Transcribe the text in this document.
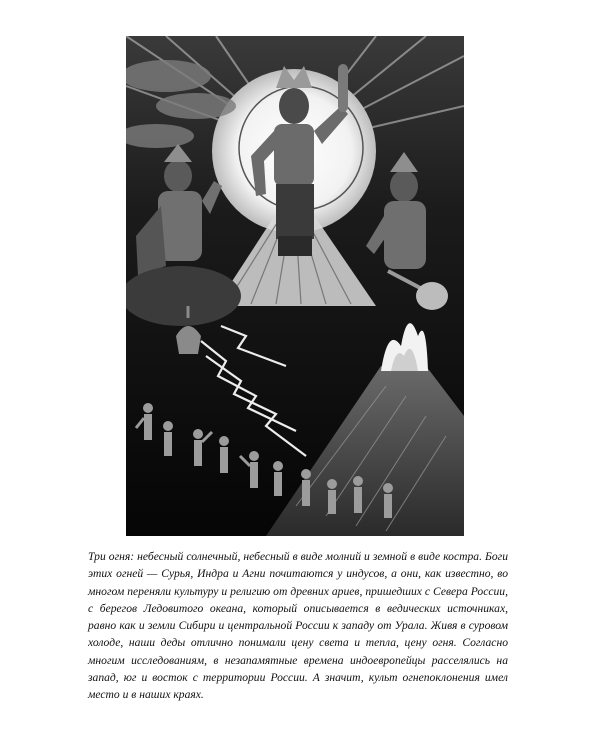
Три огня: небесный солнечный, небесный в виде молний и земной в виде костра. Боги этих огней — Сурья, Индра и Агни почитаются у индусов, а они, как известно, во многом переняли культуру и религию от древних ариев, пришедших с Севера России, с берегов Ледовитого океана, который описывается в ведических источниках, равно как и земли Сибири и центральной России к западу от Урала. Живя в суровом холоде, наши деды отлично понимали цену света и тепла, цену огня. Согласно многим исследованиям, в незапамятные времена индоевропейцы расселялись на запад, юг и восток с территории России. А значит, культ огнепоклонения имел место и в наших краях.
